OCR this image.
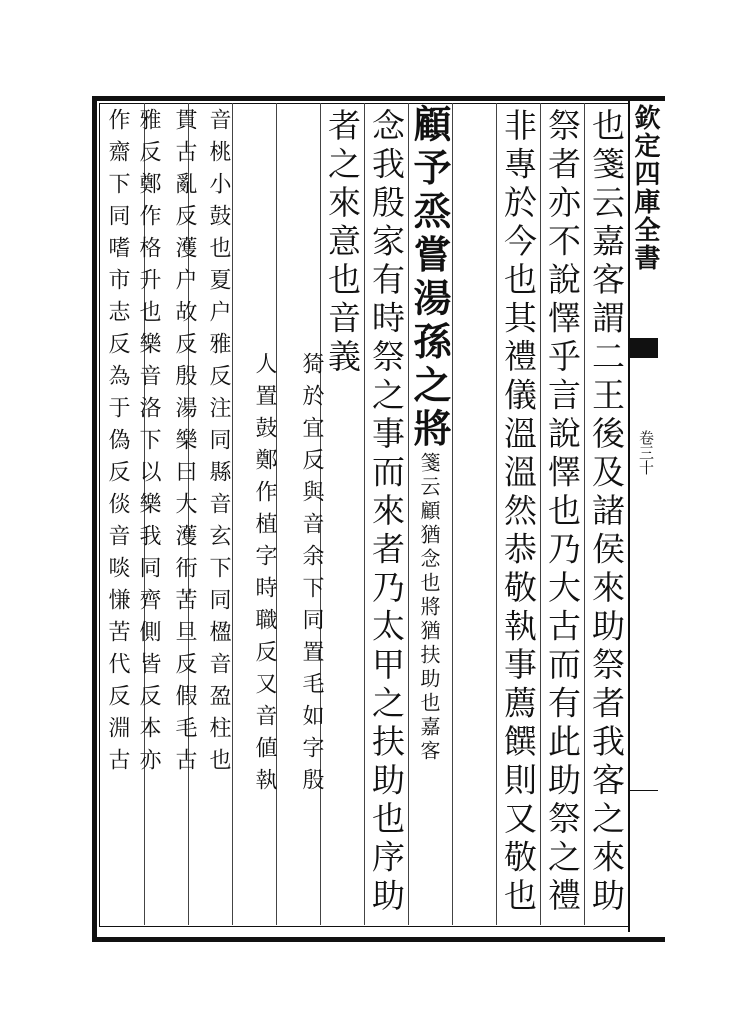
欽定四庫全書
卷三十
也箋云嘉客謂二王後及諸侯來助祭者我客之來助
祭者亦不說懌乎言說懌也乃大古而有此助祭之禮
非專於今也其禮儀溫溫然恭敬執事薦饌則又敬也
顧予烝嘗湯孫之將箋云顧猶念也將猶扶助也嘉客
念我殷家有時祭之事而來者乃太甲之扶助也序助
者之來意也音義
猗於宜反與音余下同置毛如字殷
人置鼓鄭作植字時職反又音値執
音桃小鼓也夏户雅反注同縣音玄下同楹音盈柱也
貫古亂反濩户故反殷湯樂曰大濩衎苦旦反假毛古
雅反鄭作格升也樂音洛下以樂我同齊側皆反本亦
作齋下同嗜市志反為于偽反倓音啖慊苦代反淵古
